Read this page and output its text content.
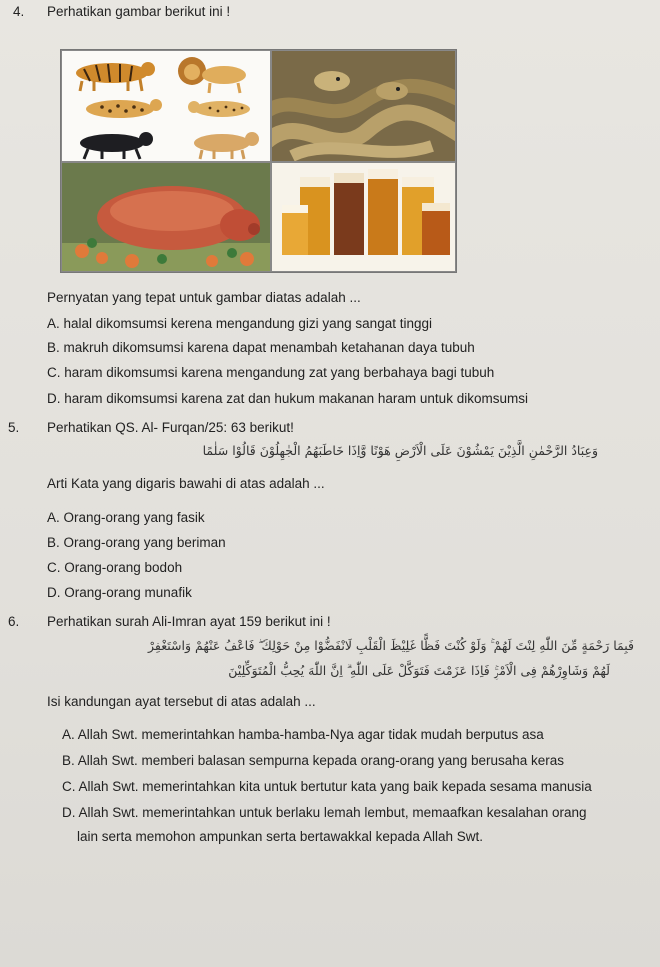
4. Perhatikan gambar berikut ini !
Pernyatan yang tepat untuk gambar diatas adalah ...
A. halal dikomsumsi kerena mengandung gizi yang sangat tinggi
B. makruh dikomsumsi karena dapat menambah ketahanan daya tubuh
C. haram dikomsumsi karena mengandung zat yang berbahaya bagi tubuh
D. haram dikomsumsi karena zat dan hukum makanan haram untuk dikomsumsi
5. Perhatikan QS. Al- Furqan/25: 63 berikut!
وَعِبَادُ الرَّحْمٰنِ الَّذِيْنَ يَمْشُوْنَ عَلَى الْاَرْضِ هَوْنًا وَّاِذَا خَاطَبَهُمُ الْجٰهِلُوْنَ قَالُوْا سَلٰمًا
Arti Kata yang digaris bawahi di atas adalah ...
A. Orang-orang yang fasik
B. Orang-orang yang beriman
C. Orang-orang bodoh
D. Orang-orang munafik
6. Perhatikan surah Ali-Imran ayat 159 berikut ini !
فَبِمَا رَحْمَةٍ مِّنَ اللّٰهِ لِنْتَ لَهُمْ ۚ وَلَوْ كُنْتَ فَظًّا غَلِيْظَ الْقَلْبِ لَانْفَضُّوْا مِنْ حَوْلِكَ ۖ فَاعْفُ عَنْهُمْ وَاسْتَغْفِرْ
لَهُمْ وَشَاوِرْهُمْ فِى الْاَمْرِۚ فَاِذَا عَزَمْتَ فَتَوَكَّلْ عَلَى اللّٰهِ ۗ اِنَّ اللّٰهَ يُحِبُّ الْمُتَوَكِّلِيْنَ
Isi kandungan ayat tersebut di atas adalah ...
A. Allah Swt. memerintahkan hamba-hamba-Nya agar tidak mudah berputus asa
B. Allah Swt. memberi balasan sempurna kepada orang-orang yang berusaha keras
C. Allah Swt. memerintahkan kita untuk bertutur kata yang baik kepada sesama manusia
D. Allah Swt. memerintahkan untuk berlaku lemah lembut, memaafkan kesalahan orang
lain serta memohon ampunkan serta bertawakkal kepada Allah Swt.
